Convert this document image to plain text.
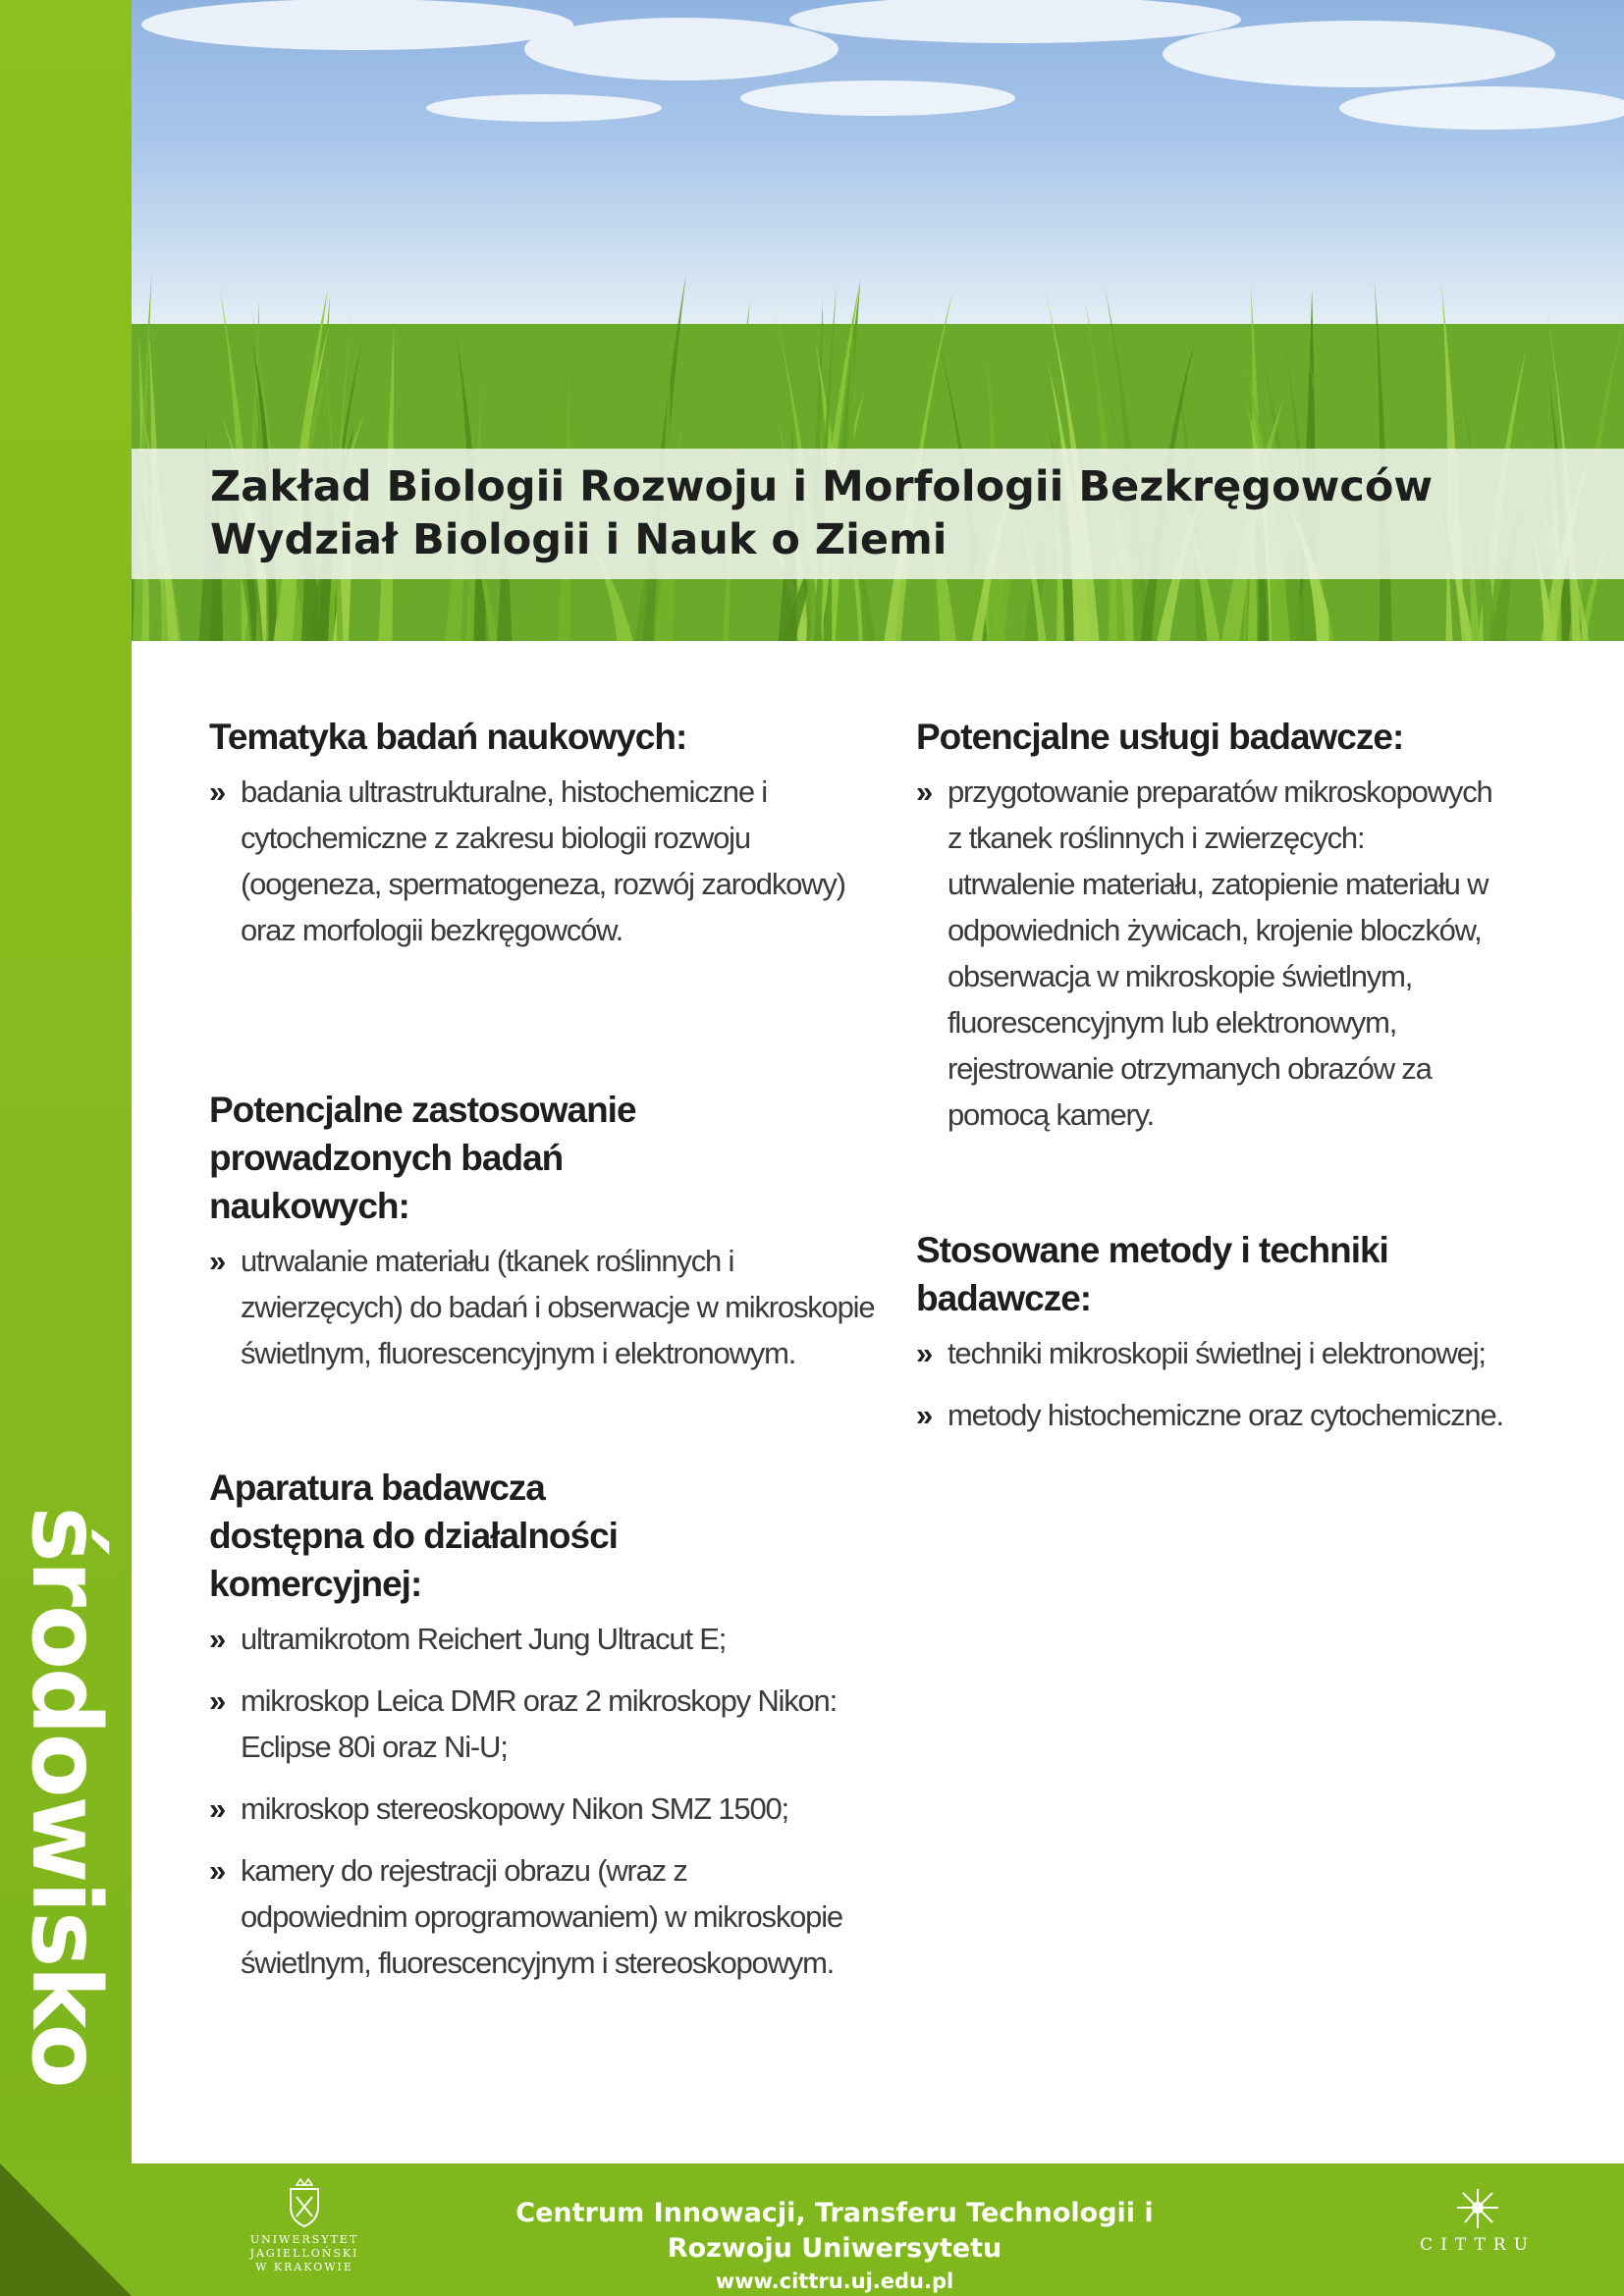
Zakład Biologii Rozwoju i Morfologii Bezkręgowców
Wydział Biologii i Nauk o Ziemi
środowisko
Tematyka badań naukowych:
» badania ultrastrukturalne, histochemiczne i cytochemiczne z zakresu biologii rozwoju (oogeneza, spermatogeneza, rozwój zarodkowy) oraz morfologii bezkręgowców.
Potencjalne zastosowanie prowadzonych badań naukowych:
» utrwalanie materiału (tkanek roślinnych i zwierzęcych) do badań i obserwacje w mikroskopie świetlnym, fluorescencyjnym i elektronowym.
Aparatura badawcza dostępna do działalności komercyjnej:
» ultramikrotom Reichert Jung Ultracut E;
» mikroskop Leica DMR oraz 2 mikroskopy Nikon: Eclipse 80i oraz Ni-U;
» mikroskop stereoskopowy Nikon SMZ 1500;
» kamery do rejestracji obrazu (wraz z odpowiednim oprogramowaniem) w mikroskopie świetlnym, fluorescencyjnym i stereoskopowym.
Potencjalne usługi badawcze:
» przygotowanie preparatów mikroskopowych z tkanek roślinnych i zwierzęcych: utrwalenie materiału, zatopienie materiału w odpowiednich żywicach, krojenie bloczków, obserwacja w mikroskopie świetlnym, fluorescencyjnym lub elektronowym, rejestrowanie otrzymanych obrazów za pomocą kamery.
Stosowane metody i techniki badawcze:
» techniki mikroskopii świetlnej i elektronowej;
» metody histochemiczne oraz cytochemiczne.
UNIWERSYTET JAGIELLOŃSKI
W KRAKOWIE
Centrum Innowacji, Transferu Technologii i Rozwoju Uniwersytetu
www.cittru.uj.edu.pl
CITTRU
